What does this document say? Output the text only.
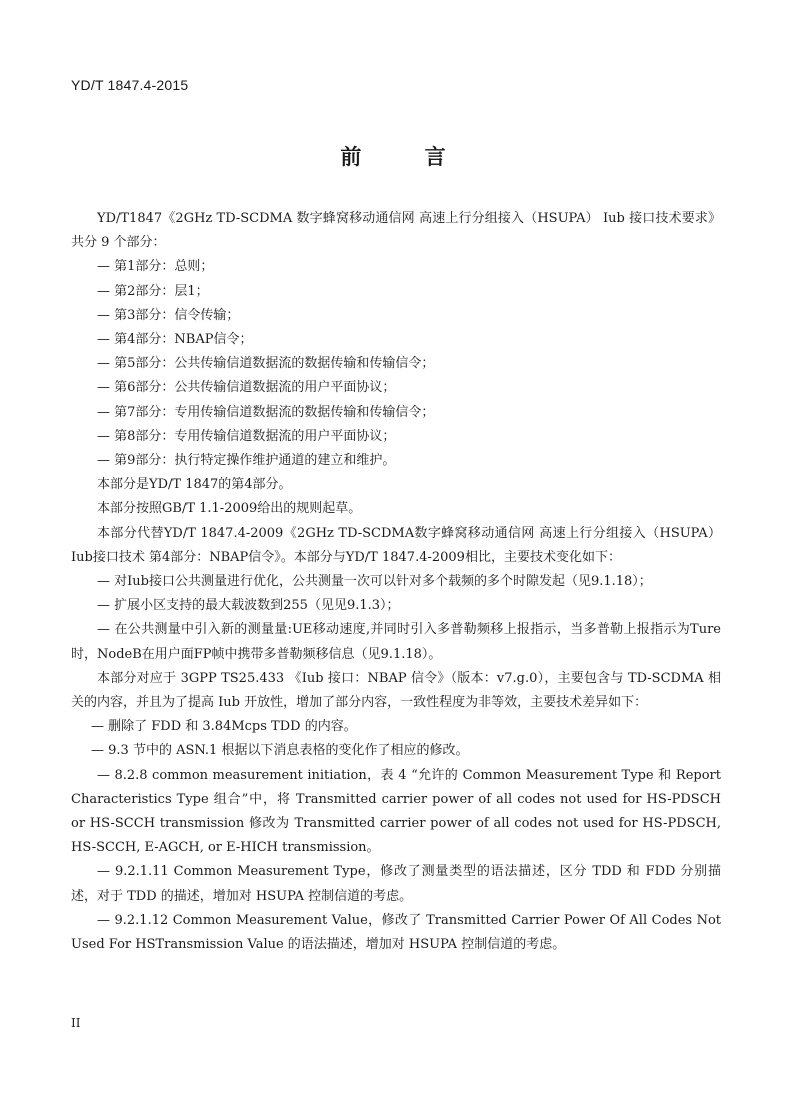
YD/T 1847.4-2015
前 言

YD/T1847《2GHz TD-SCDMA 数字蜂窝移动通信网 高速上行分组接入（HSUPA） Iub 接口技术要求》共分 9 个部分：

— 第1部分：总则；

— 第2部分：层1；

— 第3部分：信令传输；

— 第4部分：NBAP信令；

— 第5部分：公共传输信道数据流的数据传输和传输信令；

— 第6部分：公共传输信道数据流的用户平面协议；

— 第7部分：专用传输信道数据流的数据传输和传输信令；

— 第8部分：专用传输信道数据流的用户平面协议；

— 第9部分：执行特定操作维护通道的建立和维护。

本部分是YD/T 1847的第4部分。

本部分按照GB/T 1.1-2009给出的规则起草。

本部分代替YD/T 1847.4-2009《2GHz TD-SCDMA数字蜂窝移动通信网 高速上行分组接入（HSUPA）Iub接口技术 第4部分：NBAP信令》。本部分与YD/T 1847.4-2009相比，主要技术变化如下：

— 对Iub接口公共测量进行优化，公共测量一次可以针对多个载频的多个时隙发起（见9.1.18）；

— 扩展小区支持的最大载波数到255（见见9.1.3）；

— 在公共测量中引入新的测量量:UE移动速度,并同时引入多普勒频移上报指示，当多普勒上报指示为Ture时，NodeB在用户面FP帧中携带多普勒频移信息（见9.1.18）。

本部分对应于 3GPP TS25.433 《Iub 接口：NBAP 信令》（版本：v7.g.0），主要包含与 TD-SCDMA 相关的内容，并且为了提高 Iub 开放性，增加了部分内容，一致性程度为非等效，主要技术差异如下：

— 删除了 FDD 和 3.84Mcps TDD 的内容。

— 9.3 节中的 ASN.1 根据以下消息表格的变化作了相应的修改。

— 8.2.8 common measurement initiation，表 4 “允许的 Common Measurement Type 和 Report Characteristics Type 组合”中，将 Transmitted carrier power of all codes not used for HS-PDSCH or HS-SCCH transmission 修改为 Transmitted carrier power of all codes not used for HS-PDSCH, HS-SCCH, E-AGCH, or E-HICH transmission。

— 9.2.1.11 Common Measurement Type，修改了测量类型的语法描述，区分 TDD 和 FDD 分别描述，对于 TDD 的描述，增加对 HSUPA 控制信道的考虑。

— 9.2.1.12 Common Measurement Value，修改了 Transmitted Carrier Power Of All Codes Not Used For HSTransmission Value 的语法描述，增加对 HSUPA 控制信道的考虑。

II
